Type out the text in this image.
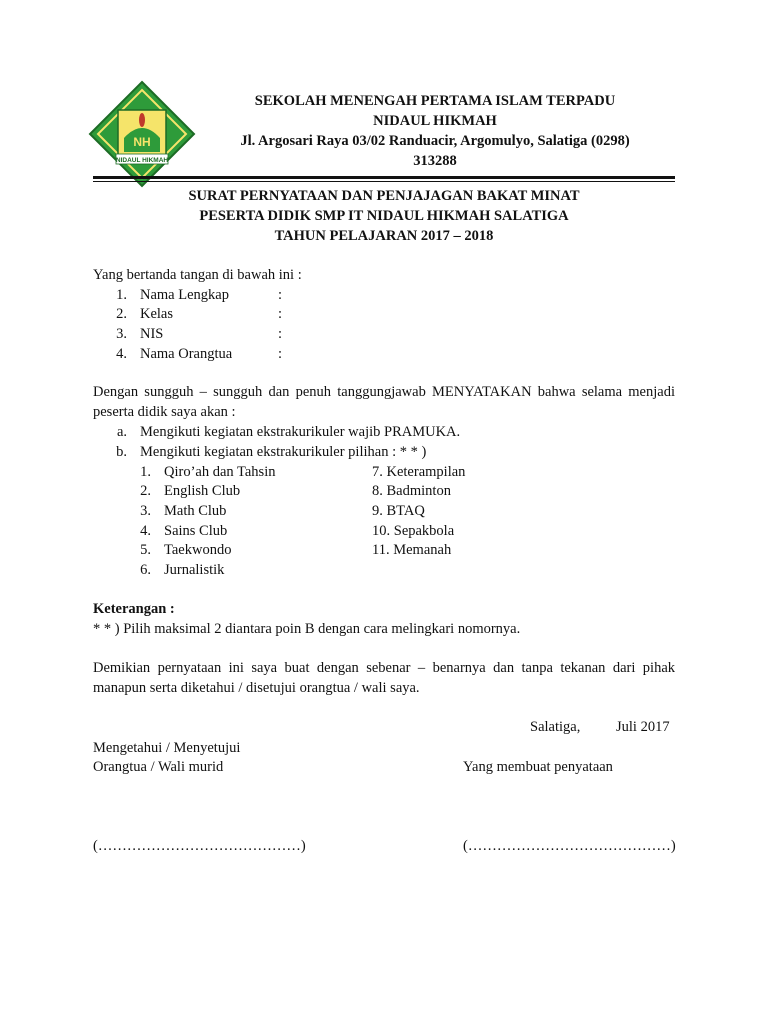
NH
NIDAUL HIKMAH
SEKOLAH MENENGAH PERTAMA ISLAM TERPADU
NIDAUL HIKMAH
Jl. Argosari Raya 03/02 Randuacir, Argomulyo, Salatiga (0298)
313288
SURAT PERNYATAAN DAN PENJAJAGAN BAKAT MINAT
PESERTA DIDIK SMP IT NIDAUL HIKMAH SALATIGA
TAHUN PELAJARAN 2017 – 2018
Yang bertanda tangan di bawah ini :
1. Nama Lengkap	:
2. Kelas	:
3. NIS	:
4. Nama Orangtua	:
Dengan sungguh – sungguh dan penuh tanggungjawab MENYATAKAN bahwa selama menjadi peserta didik saya akan :
a. Mengikuti kegiatan ekstrakurikuler wajib PRAMUKA.
b. Mengikuti kegiatan ekstrakurikuler pilihan : * * )
1. Qiro’ah dan Tahsin
2. English Club
3. Math Club
4. Sains Club
5. Taekwondo
6. Jurnalistik
7. Keterampilan
8. Badminton
9. BTAQ
10. Sepakbola
11. Memanah
Keterangan :
* * ) Pilih maksimal 2 diantara poin B dengan cara melingkari nomornya.
Demikian pernyataan ini saya buat dengan sebenar – benarnya dan tanpa tekanan dari pihak manapun serta diketahui / disetujui orangtua / wali saya.
Salatiga, Juli 2017
Mengetahui / Menyetujui
Orangtua / Wali murid	Yang membuat penyataan
(……………………………………)	(……………………………………)
